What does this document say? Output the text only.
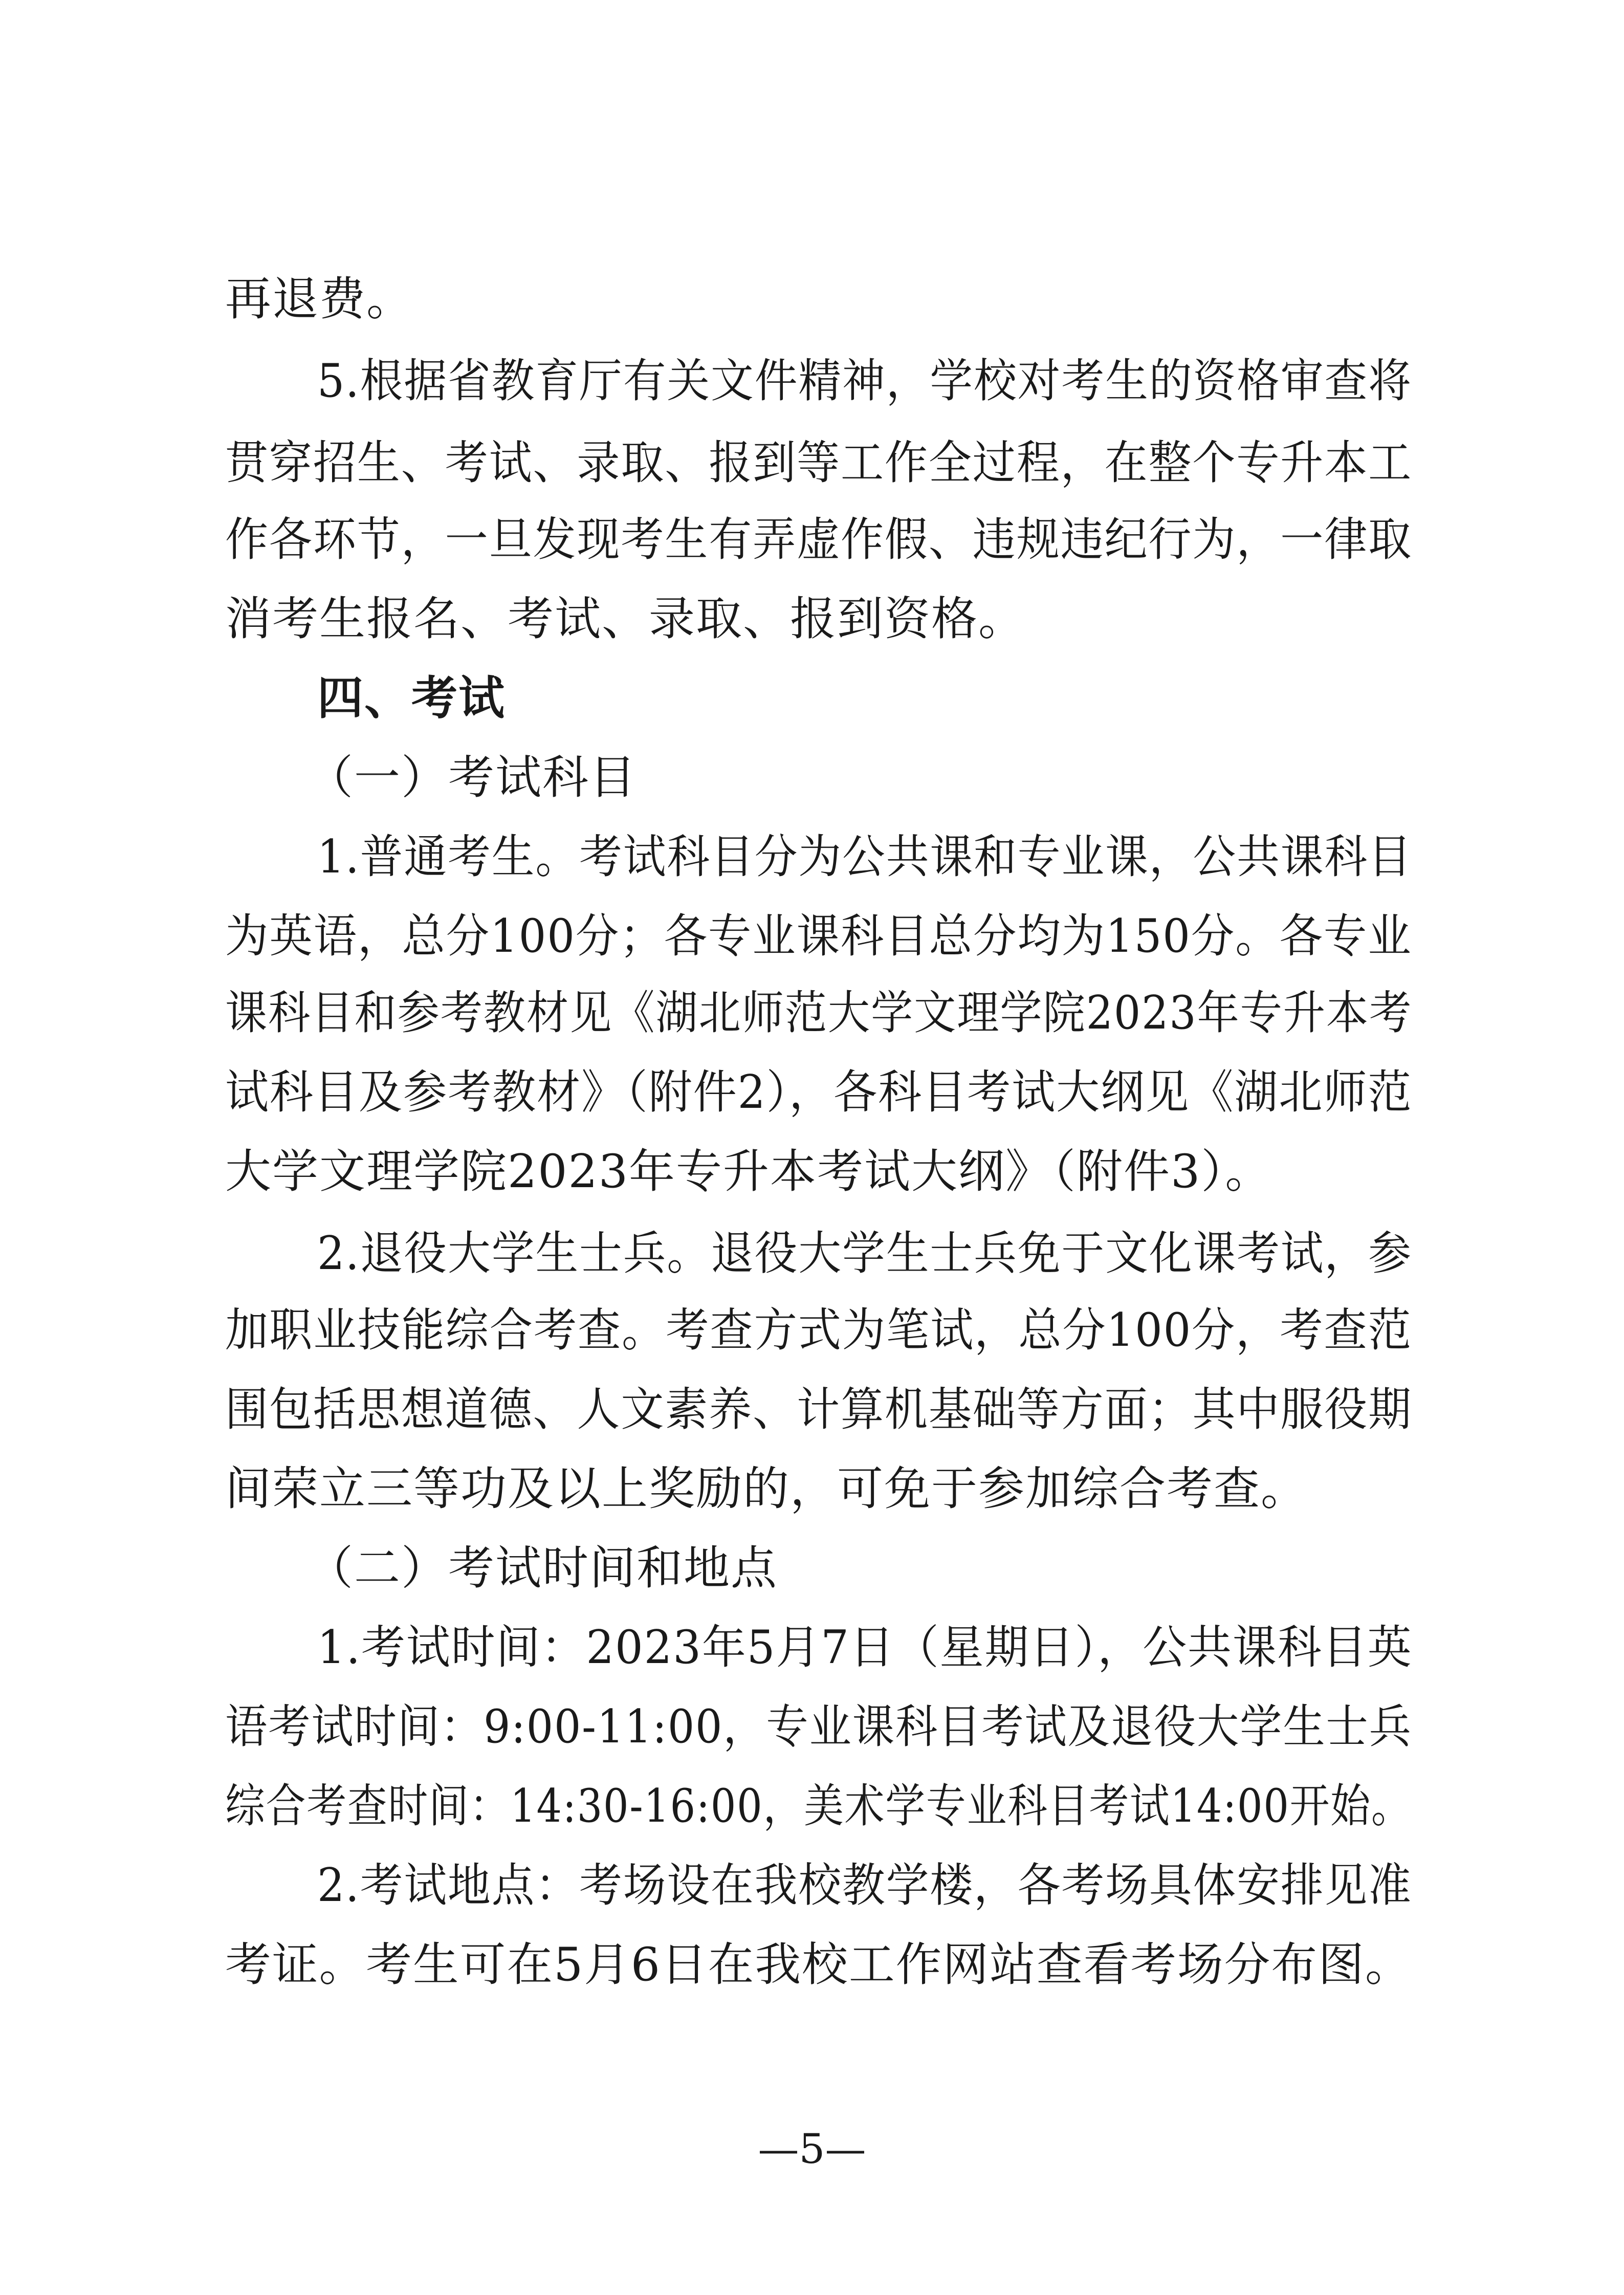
再退费。
5.根据省教育厅有关文件精神，学校对考生的资格审查将
贯穿招生、考试、录取、报到等工作全过程，在整个专升本工
作各环节，一旦发现考生有弄虚作假、违规违纪行为，一律取
消考生报名、考试、录取、报到资格。
四、考试
（一）考试科目
1.普通考生。考试科目分为公共课和专业课，公共课科目
为英语，总分100分；各专业课科目总分均为150分。各专业
课科目和参考教材见《湖北师范大学文理学院2023年专升本考
试科目及参考教材》（附件2），各科目考试大纲见《湖北师范
大学文理学院2023年专升本考试大纲》（附件3）。
2.退役大学生士兵。退役大学生士兵免于文化课考试，参
加职业技能综合考查。考查方式为笔试，总分100分，考查范
围包括思想道德、人文素养、计算机基础等方面；其中服役期
间荣立三等功及以上奖励的，可免于参加综合考查。
（二）考试时间和地点
1.考试时间：2023年5月7日（星期日），公共课科目英
语考试时间：9:00-11:00，专业课科目考试及退役大学生士兵
综合考查时间：14:30-16:00，美术学专业科目考试14:00开始。
2.考试地点：考场设在我校教学楼，各考场具体安排见准
考证。考生可在5月6日在我校工作网站查看考场分布图。
—5—
